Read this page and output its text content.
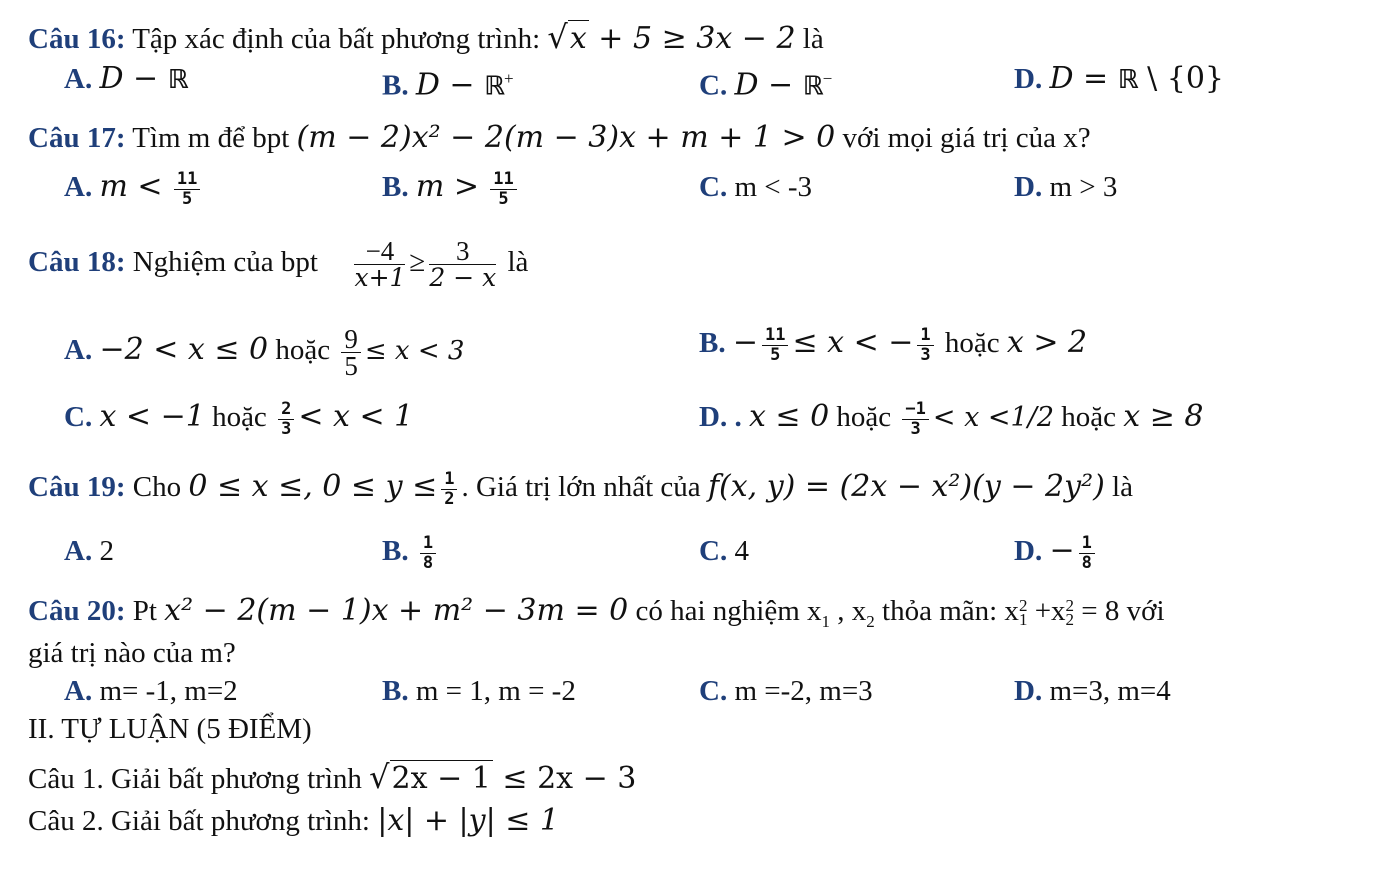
Câu 16: Tập xác định của bất phương trình: √x + 5 ≥ 3x − 2 là
A. D − ℝ	B. D − ℝ+	C. D − ℝ−	D. D = ℝ \ {0}
Câu 17: Tìm m để bpt (m − 2)x² − 2(m − 3)x + m + 1 > 0 với mọi giá trị của x?
A. $m < \frac{11}{5}$	B. $m > \frac{11}{5}$	C. m < -3	D. m > 3
Câu 18: Nghiệm của bpt $\frac{-4}{x+1} \ge \frac{3}{2 - x}$ là
A. −2 < x ≤ 0 hoặc $\frac{9}{5} \le x < 3$	B. − $\frac{11}{5} \le x$ < − $\frac{1}{3}$ hoặc x > 2
C. x < −1 hoặc $\frac{2}{3} < x < 1$	D. . x ≤ 0 hoặc $\frac{-1}{3} < x <1/2$ hoặc x ≥ 8
Câu 19: Cho 0 ≤ x ≤, $0 \le y \le \frac{1}{2}$ . Giá trị lớn nhất của f(x, y) = (2x − x²)(y − 2y²) là
A. 2	B. $\frac{1}{8}$	C. 4	D. − $\frac{1}{8}$
Câu 20: Pt x² − 2(m − 1)x + m² − 3m = 0 có hai nghiệm $x_1$ , $x_2$ thỏa mãn: x 2
1 +x 2
2 = 8 với
giá trị nào của m?
A. m= -1, m=2	B. m = 1, m = -2	C. m =-2, m=3	D. m=3, m=4
II. TỰ LUẬN (5 ĐIỂM)
Câu 1. Giải bất phương trình √2x − 1 ≤ 2x − 3
Câu 2. Giải bất phương trình: |x| + |y| ≤ 1
